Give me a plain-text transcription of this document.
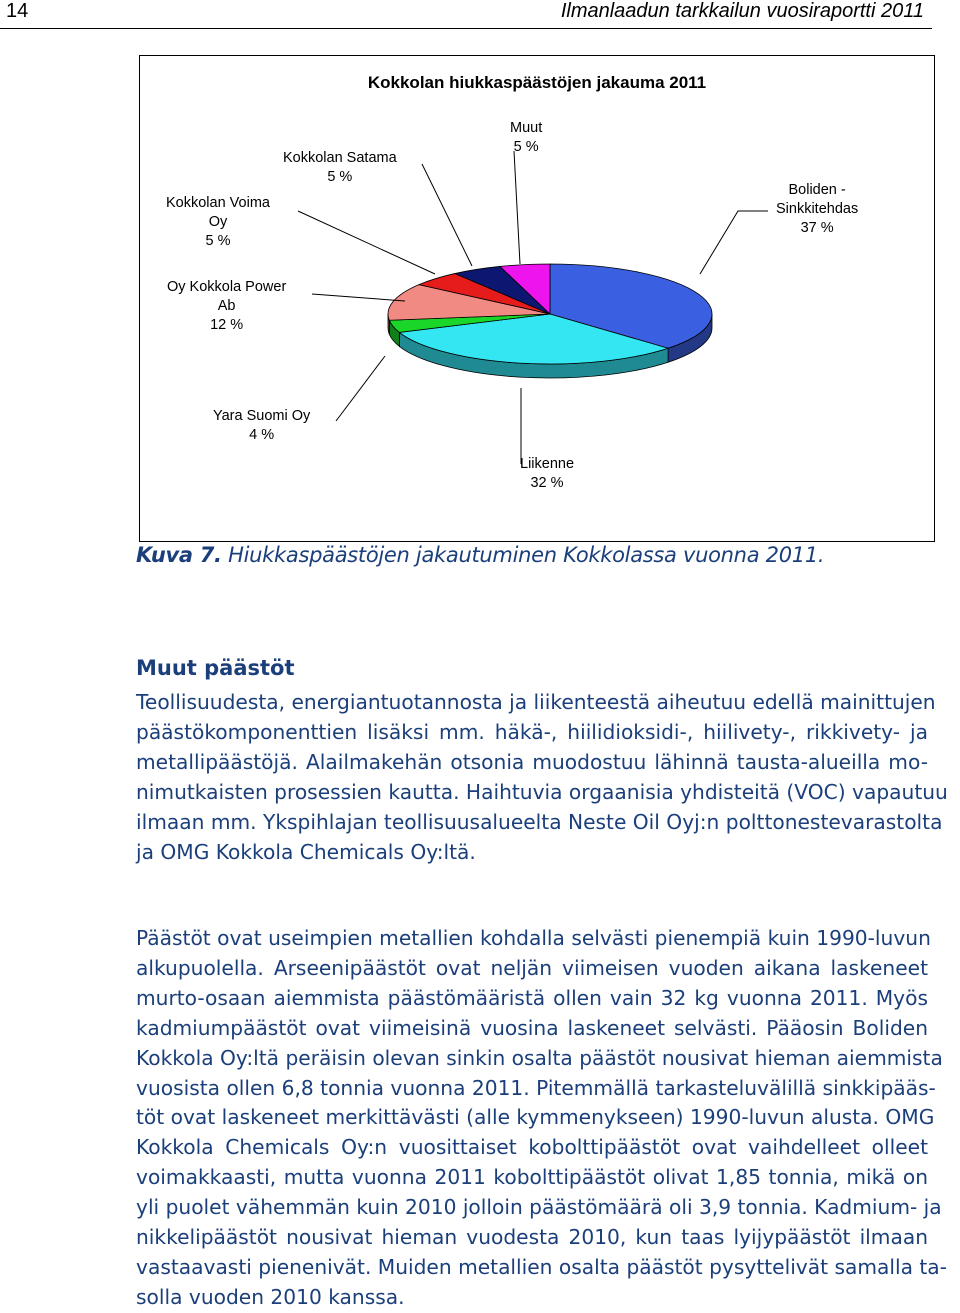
14	Ilmanlaadun tarkkailun vuosiraportti 2011
Kokkolan hiukkaspäästöjen jakauma 2011
Boliden -
Sinkkitehdas
37 %
Liikenne
32 %
Yara Suomi Oy
4 %
Oy Kokkola Power
Ab
12 %
Kokkolan Voima
Oy
5 %
Kokkolan Satama
5 %
Muut
5 %
Kuva 7. Hiukkaspäästöjen jakautuminen Kokkolassa vuonna 2011.
Muut päästöt
Teollisuudesta, energiantuotannosta ja liikenteestä aiheutuu edellä mainittujen
päästökomponenttien lisäksi mm. häkä-, hiilidioksidi-, hiilivety-, rikkivety- ja
metallipäästöjä. Alailmakehän otsonia muodostuu lähinnä tausta-alueilla mo-
nimutkaisten prosessien kautta. Haihtuvia orgaanisia yhdisteitä (VOC) vapautuu
ilmaan mm. Ykspihlajan teollisuusalueelta Neste Oil Oyj:n polttonestevarastolta
ja OMG Kokkola Chemicals Oy:ltä.
Päästöt ovat useimpien metallien kohdalla selvästi pienempiä kuin 1990-luvun
alkupuolella. Arseenipäästöt ovat neljän viimeisen vuoden aikana laskeneet
murto-osaan aiemmista päästömääristä ollen vain 32 kg vuonna 2011. Myös
kadmiumpäästöt ovat viimeisinä vuosina laskeneet selvästi. Pääosin Boliden
Kokkola Oy:ltä peräisin olevan sinkin osalta päästöt nousivat hieman aiemmista
vuosista ollen 6,8 tonnia vuonna 2011. Pitemmällä tarkasteluvälillä sinkkipääs-
töt ovat laskeneet merkittävästi (alle kymmenykseen) 1990-luvun alusta. OMG
Kokkola Chemicals Oy:n vuosittaiset kobolttipäästöt ovat vaihdelleet olleet
voimakkaasti, mutta vuonna 2011 kobolttipäästöt olivat 1,85 tonnia, mikä on
yli puolet vähemmän kuin 2010 jolloin päästömäärä oli 3,9 tonnia. Kadmium- ja
nikkelipäästöt nousivat hieman vuodesta 2010, kun taas lyijypäästöt ilmaan
vastaavasti pienenivät. Muiden metallien osalta päästöt pysyttelivät samalla ta-
solla vuoden 2010 kanssa.
